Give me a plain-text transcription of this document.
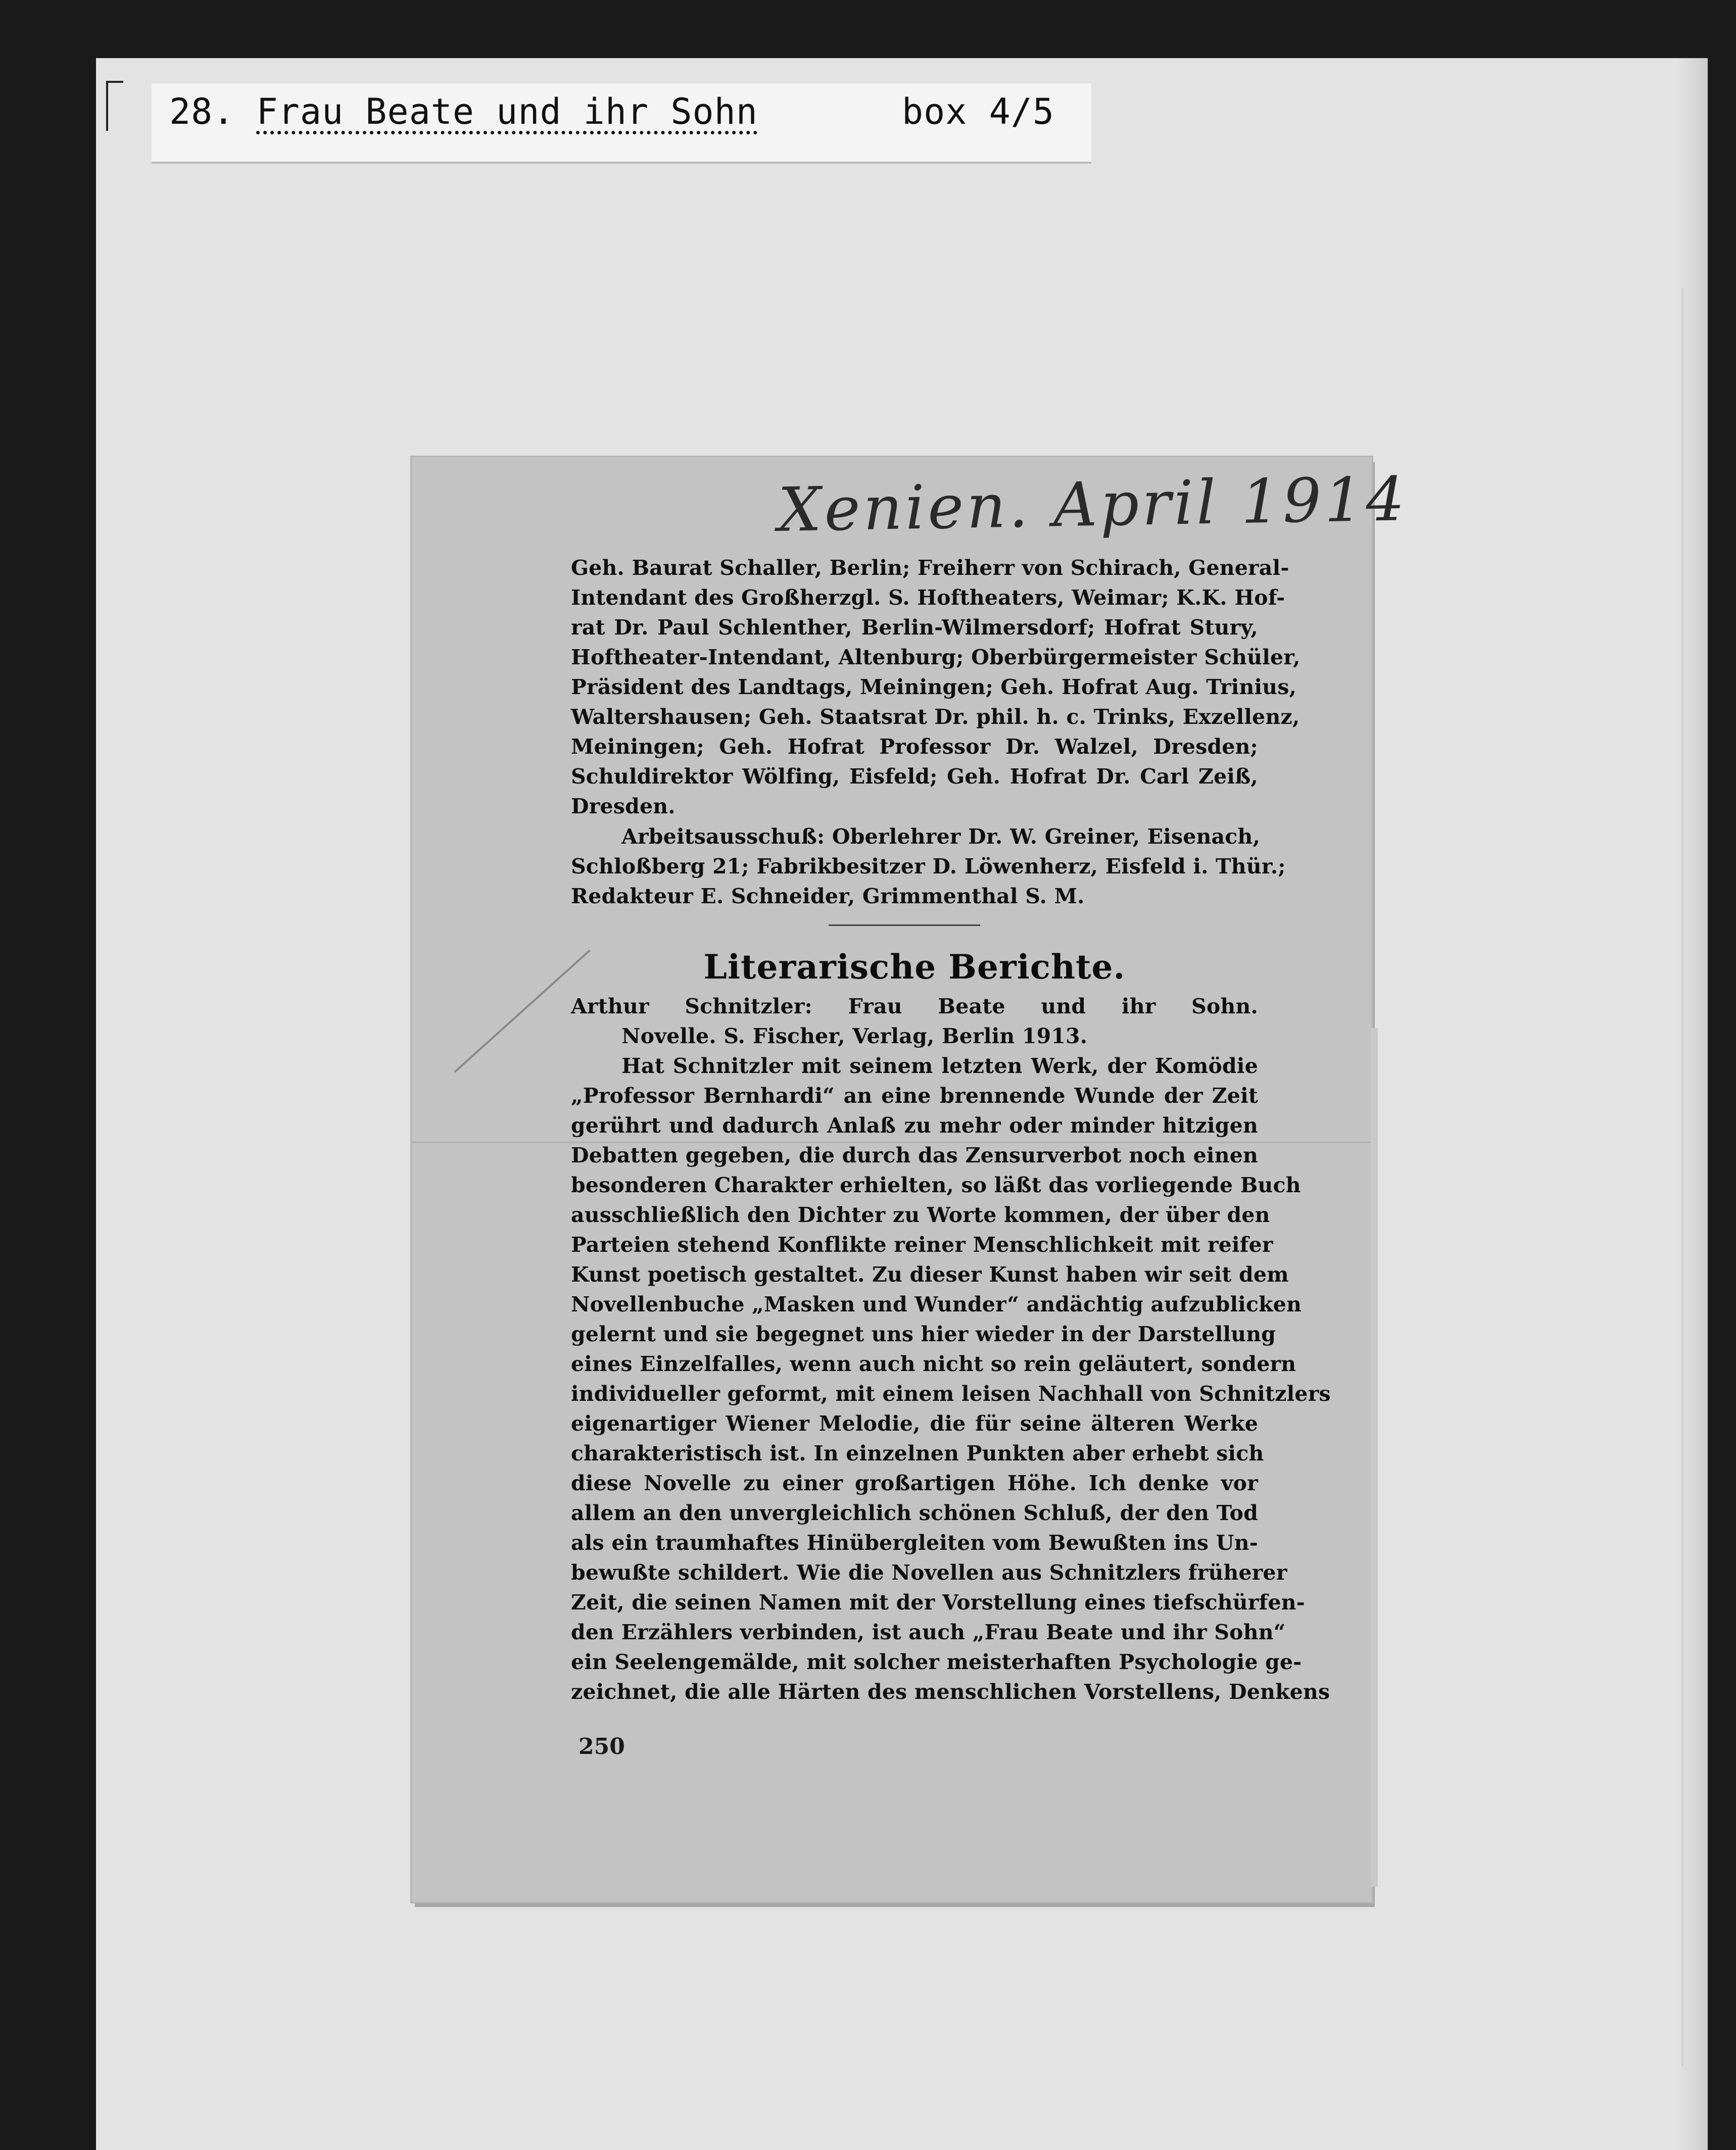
28. Frau Beate und ihr Sohn	box 4/5
Xenien. April 1914
Geh. Baurat Schaller, Berlin; Freiherr von Schirach, General-
Intendant des Großherzgl. S. Hoftheaters, Weimar; K.K. Hof-
rat Dr. Paul Schlenther, Berlin-Wilmersdorf; Hofrat Stury,
Hoftheater-Intendant, Altenburg; Oberbürgermeister Schüler,
Präsident des Landtags, Meiningen; Geh. Hofrat Aug. Trinius,
Waltershausen; Geh. Staatsrat Dr. phil. h. c. Trinks, Exzellenz,
Meiningen; Geh. Hofrat Professor Dr. Walzel, Dresden;
Schuldirektor Wölfing, Eisfeld; Geh. Hofrat Dr. Carl Zeiß,
Dresden.
Arbeitsausschuß: Oberlehrer Dr. W. Greiner, Eisenach,
Schloßberg 21; Fabrikbesitzer D. Löwenherz, Eisfeld i. Thür.;
Redakteur E. Schneider, Grimmenthal S. M.
Literarische Berichte.
Arthur Schnitzler: Frau Beate und ihr Sohn.
Novelle. S. Fischer, Verlag, Berlin 1913.
Hat Schnitzler mit seinem letzten Werk, der Komödie
„Professor Bernhardi“ an eine brennende Wunde der Zeit
gerührt und dadurch Anlaß zu mehr oder minder hitzigen
Debatten gegeben, die durch das Zensurverbot noch einen
besonderen Charakter erhielten, so läßt das vorliegende Buch
ausschließlich den Dichter zu Worte kommen, der über den
Parteien stehend Konflikte reiner Menschlichkeit mit reifer
Kunst poetisch gestaltet. Zu dieser Kunst haben wir seit dem
Novellenbuche „Masken und Wunder“ andächtig aufzublicken
gelernt und sie begegnet uns hier wieder in der Darstellung
eines Einzelfalles, wenn auch nicht so rein geläutert, sondern
individueller geformt, mit einem leisen Nachhall von Schnitzlers
eigenartiger Wiener Melodie, die für seine älteren Werke
charakteristisch ist. In einzelnen Punkten aber erhebt sich
diese Novelle zu einer großartigen Höhe. Ich denke vor
allem an den unvergleichlich schönen Schluß, der den Tod
als ein traumhaftes Hinübergleiten vom Bewußten ins Un-
bewußte schildert. Wie die Novellen aus Schnitzlers früherer
Zeit, die seinen Namen mit der Vorstellung eines tiefschürfen-
den Erzählers verbinden, ist auch „Frau Beate und ihr Sohn“
ein Seelengemälde, mit solcher meisterhaften Psychologie ge-
zeichnet, die alle Härten des menschlichen Vorstellens, Denkens
250
